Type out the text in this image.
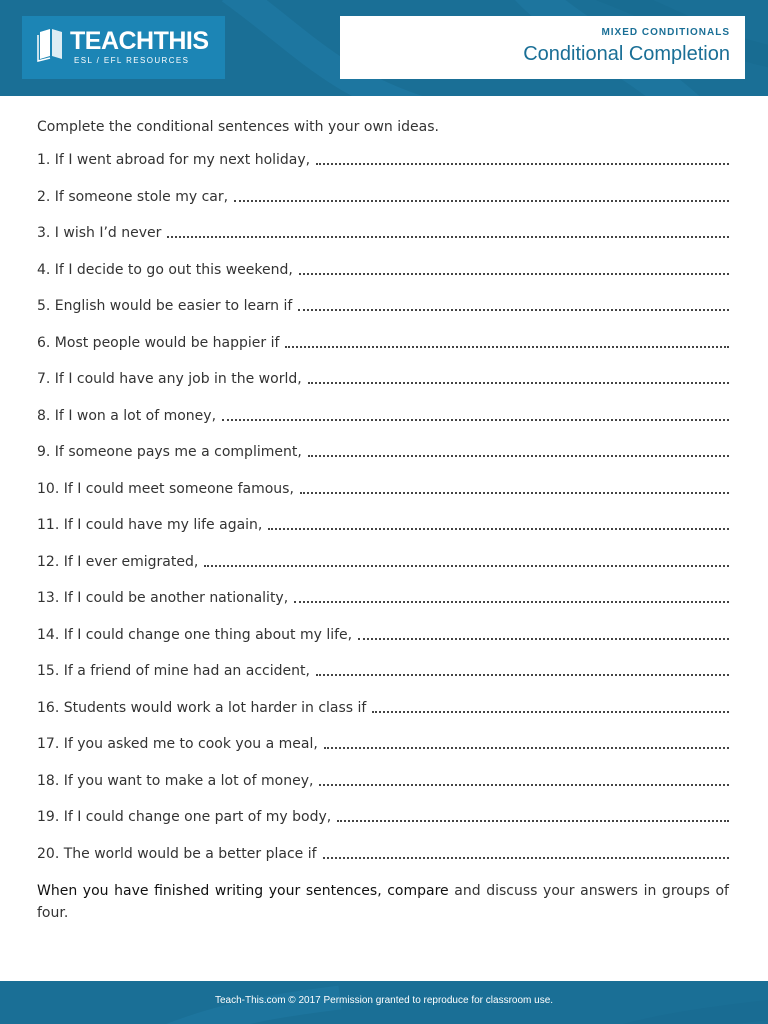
TEACHTHIS
ESL / EFL RESOURCES
MIXED CONDITIONALS
Conditional Completion
Complete the conditional sentences with your own ideas.
1. If I went abroad for my next holiday,
2. If someone stole my car,
3. I wish I’d never
4. If I decide to go out this weekend,
5. English would be easier to learn if
6. Most people would be happier if
7. If I could have any job in the world,
8. If I won a lot of money,
9. If someone pays me a compliment,
10. If I could meet someone famous,
11. If I could have my life again,
12. If I ever emigrated,
13. If I could be another nationality,
14. If I could change one thing about my life,
15. If a friend of mine had an accident,
16. Students would work a lot harder in class if
17. If you asked me to cook you a meal,
18. If you want to make a lot of money,
19. If I could change one part of my body,
20. The world would be a better place if
When you have finished writing your sentences, compare and discuss your answers in groups of four.
Teach-This.com © 2017 Permission granted to reproduce for classroom use.
